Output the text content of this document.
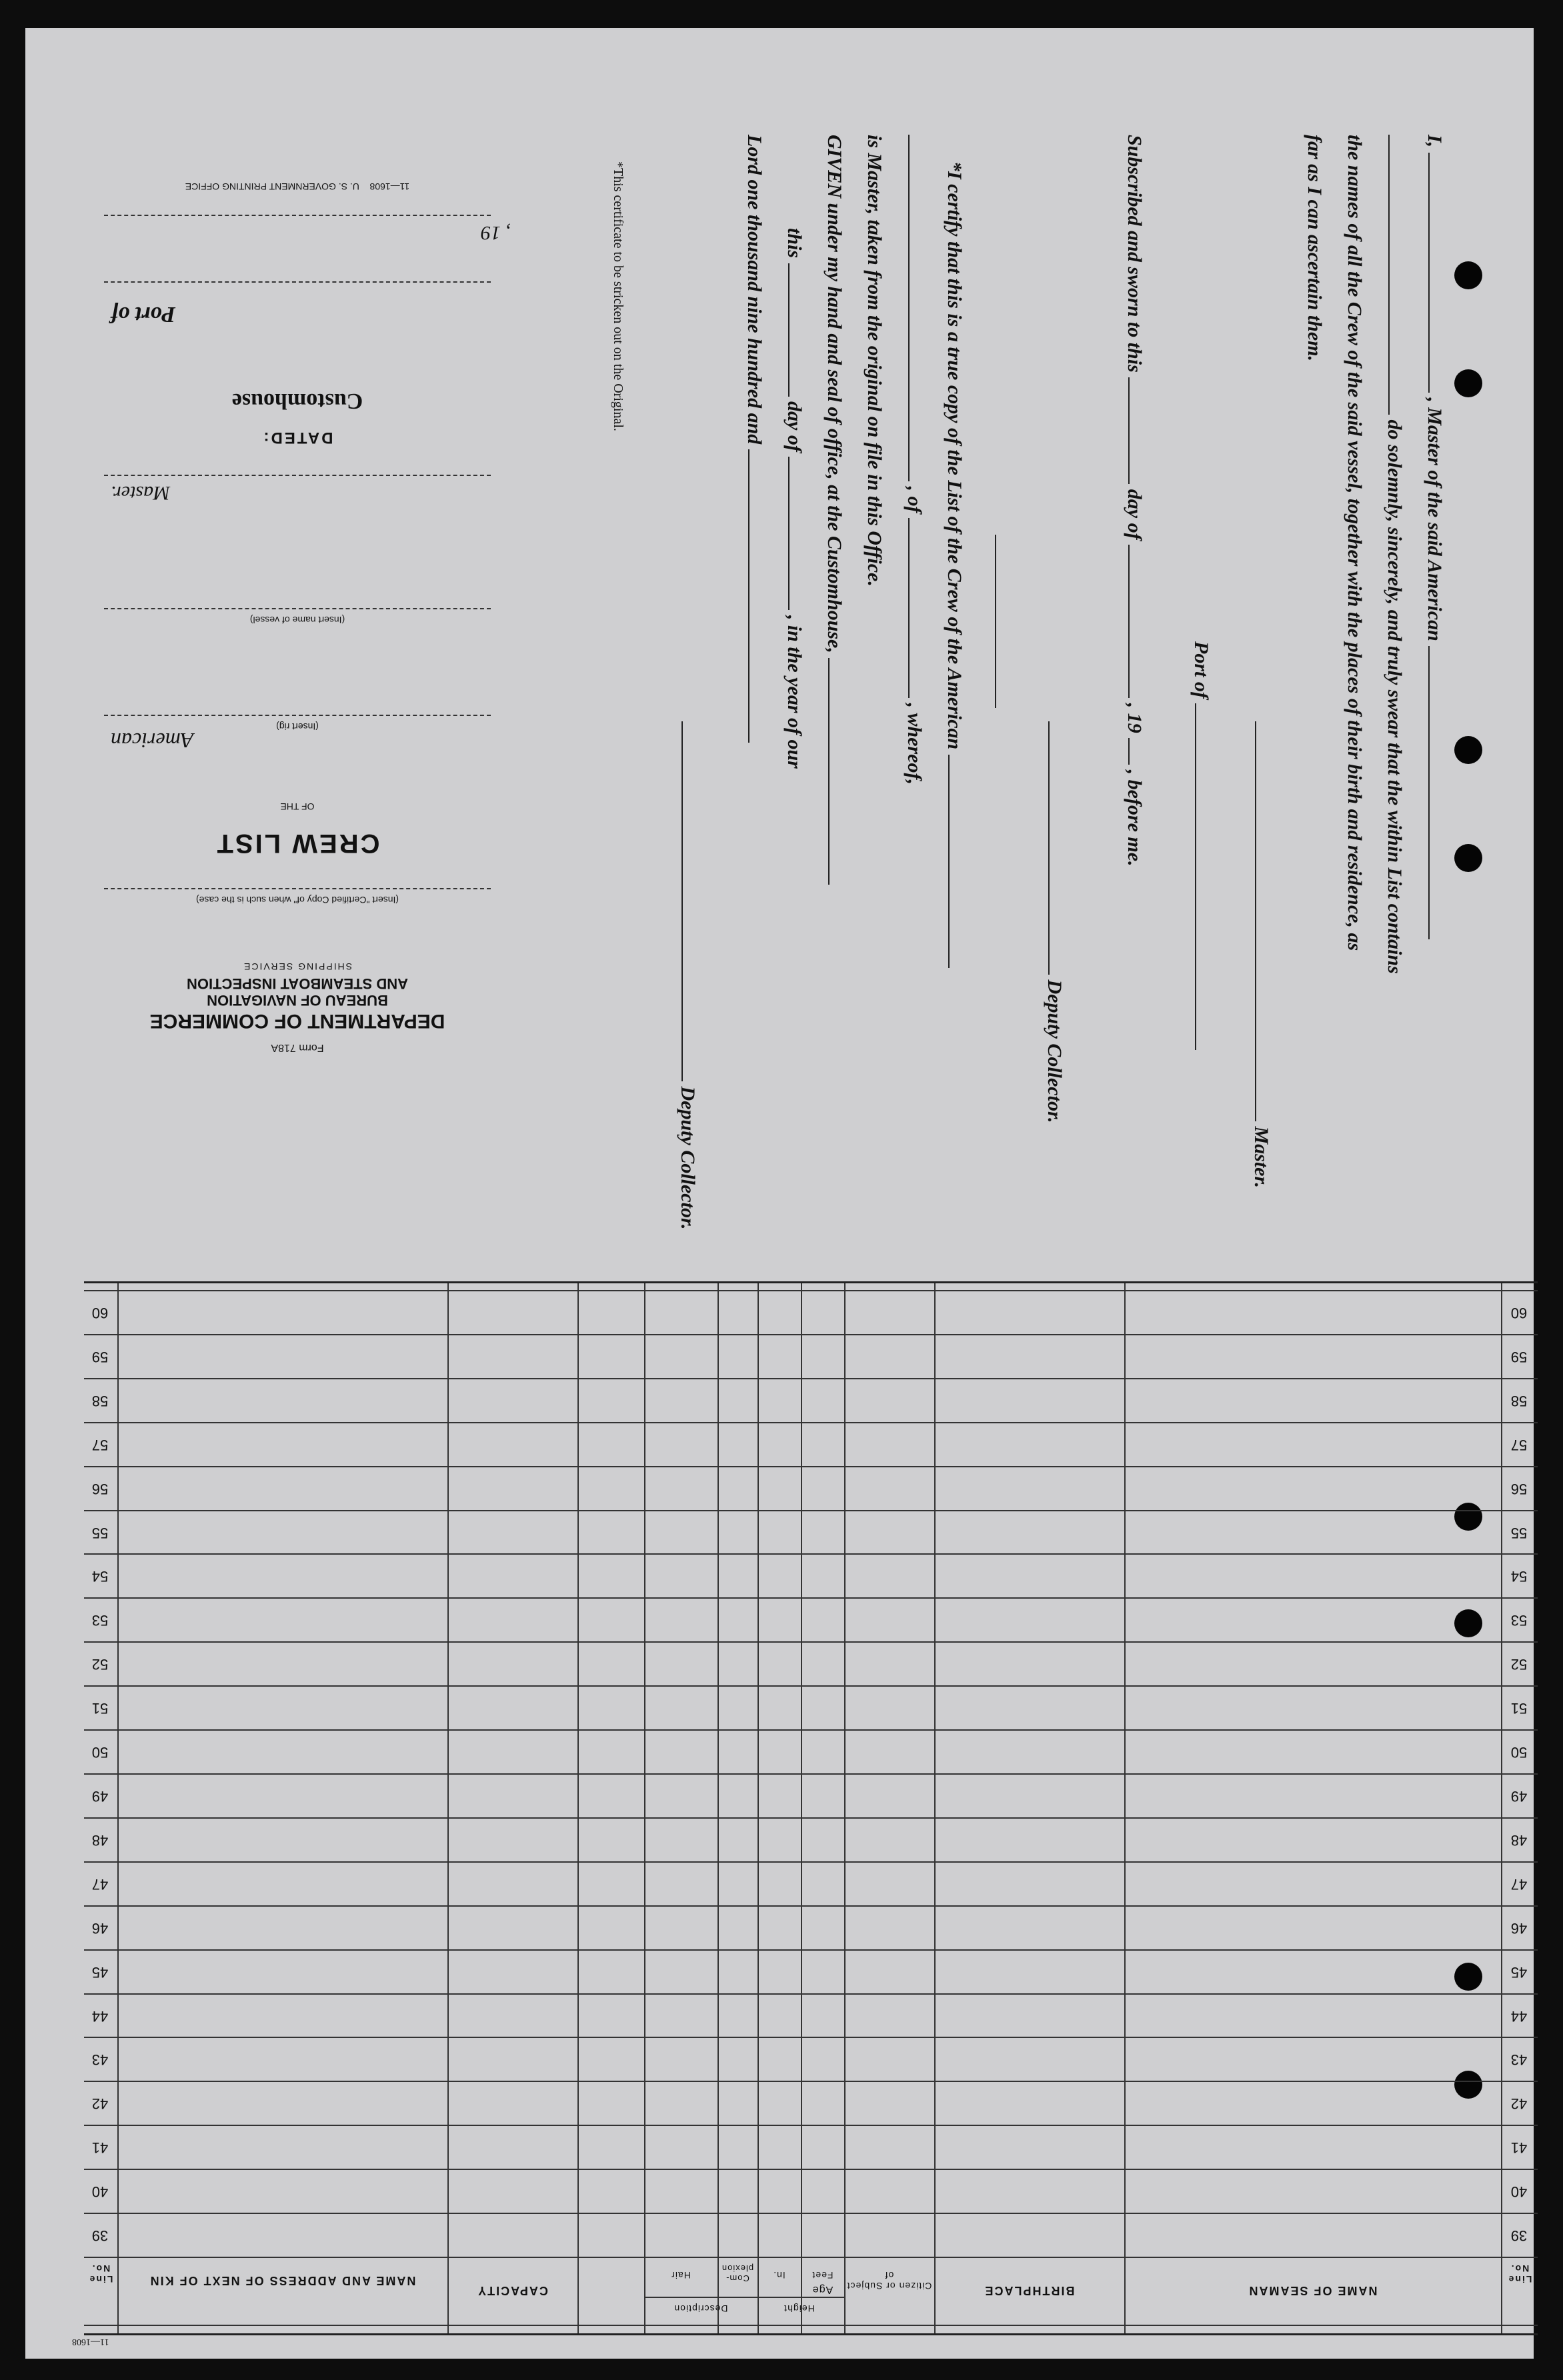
I,  , Master of the said American
do solemnly, sincerely, and truly swear that the within List contains
the names of all the Crew of the said vessel, together with the places of their birth and residence, as
far as I can ascertain them.
Master.
Port of
Subscribed and sworn to this  day of  , 19  , before me.
Deputy Collector.
*I certify that this is a true copy of the List of the Crew of the American
, of  , whereof,
is Master, taken from the original on file in this Office.
GIVEN under my hand and seal of office, at the Customhouse,
this  day of  , in the year of our
Lord one thousand nine hundred and
Deputy Collector.
*This certificate to be stricken out on the Original.
11—1608    U. S. GOVERNMENT PRINTING OFFICE
, 19
Port of
Customhouse
DATED:
Master.
(Insert name of vessel)
(Insert rig)
American
OF THE
CREW LIST
(Insert "Certified Copy of" when such is the case)
SHIPPING SERVICE
AND STEAMBOAT INSPECTION
BUREAU OF NAVIGATION
DEPARTMENT OF COMMERCE
Form 718A
Line No.
NAME OF SEAMAN
BIRTHPLACE
Citizen or Subject of
Age
Height
Feet
In.
Description
Com-plexion
Hair
CAPACITY
NAME AND ADDRESS OF NEXT OF KIN
Line No.
39
39
40
40
41
41
42
42
43
43
44
44
45
45
46
46
47
47
48
48
49
49
50
50
51
51
52
52
53
53
54
54
55
55
56
56
57
57
58
58
59
59
60
60
11—1608
